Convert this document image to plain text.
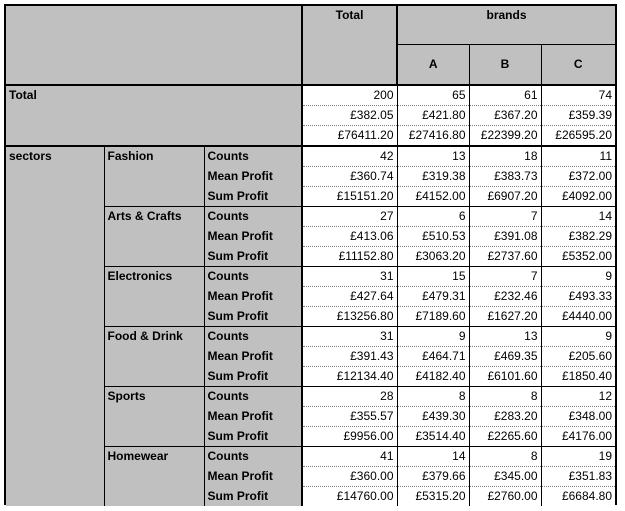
			Total	brands		
				A	B	C
Total			200	65	61	74
			£382.05	£421.80	£367.20	£359.39
			£76411.20	£27416.80	£22399.20	£26595.20
sectors	Fashion	Counts	42	13	18	11
		Mean Profit	£360.74	£319.38	£383.73	£372.00
		Sum Profit	£15151.20	£4152.00	£6907.20	£4092.00
	Arts & Crafts	Counts	27	6	7	14
		Mean Profit	£413.06	£510.53	£391.08	£382.29
		Sum Profit	£11152.80	£3063.20	£2737.60	£5352.00
	Electronics	Counts	31	15	7	9
		Mean Profit	£427.64	£479.31	£232.46	£493.33
		Sum Profit	£13256.80	£7189.60	£1627.20	£4440.00
	Food & Drink	Counts	31	9	13	9
		Mean Profit	£391.43	£464.71	£469.35	£205.60
		Sum Profit	£12134.40	£4182.40	£6101.60	£1850.40
	Sports	Counts	28	8	8	12
		Mean Profit	£355.57	£439.30	£283.20	£348.00
		Sum Profit	£9956.00	£3514.40	£2265.60	£4176.00
	Homewear	Counts	41	14	8	19
		Mean Profit	£360.00	£379.66	£345.00	£351.83
		Sum Profit	£14760.00	£5315.20	£2760.00	£6684.80
